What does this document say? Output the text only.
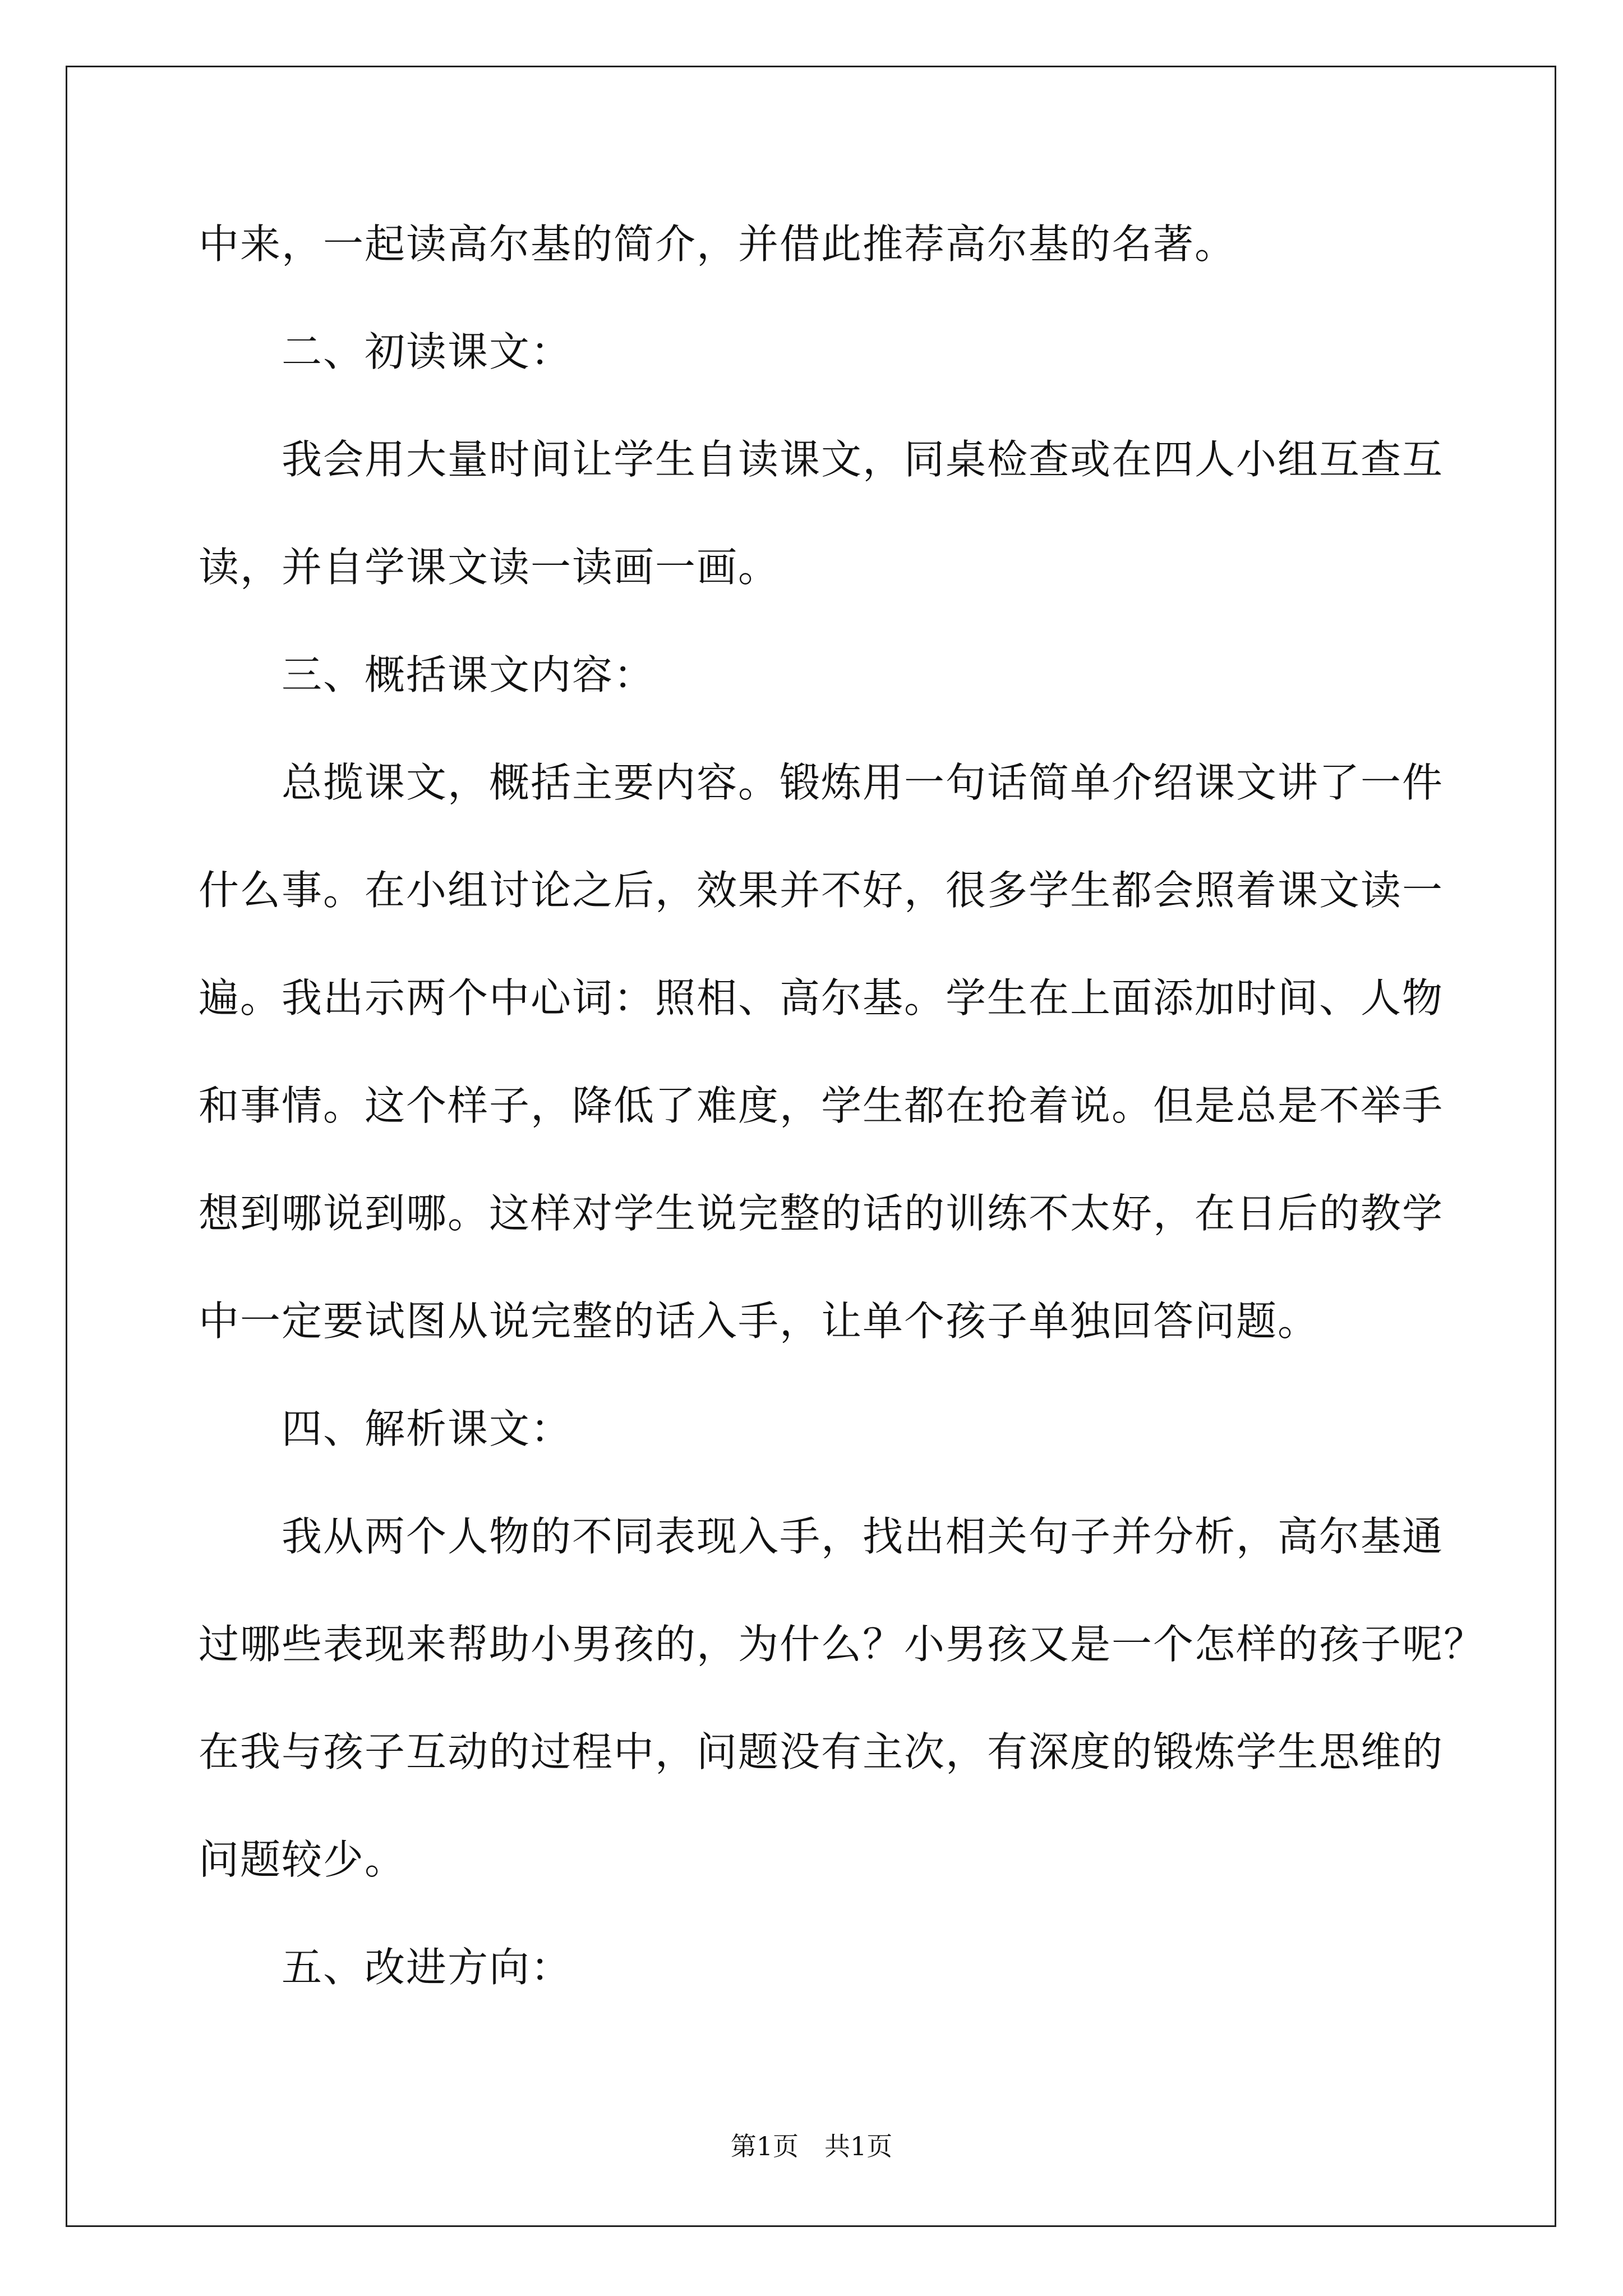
中来，一起读高尔基的简介，并借此推荐高尔基的名著。
二、初读课文：
我会用大量时间让学生自读课文，同桌检查或在四人小组互查互
读，并自学课文读一读画一画。
三、概括课文内容：
总揽课文，概括主要内容。锻炼用一句话简单介绍课文讲了一件
什么事。在小组讨论之后，效果并不好，很多学生都会照着课文读一
遍。我出示两个中心词：照相、高尔基。学生在上面添加时间、人物
和事情。这个样子，降低了难度，学生都在抢着说。但是总是不举手
想到哪说到哪。这样对学生说完整的话的训练不太好，在日后的教学
中一定要试图从说完整的话入手，让单个孩子单独回答问题。
四、解析课文：
我从两个人物的不同表现入手，找出相关句子并分析，高尔基通
过哪些表现来帮助小男孩的，为什么？小男孩又是一个怎样的孩子呢？
在我与孩子互动的过程中，问题没有主次，有深度的锻炼学生思维的
问题较少。
五、改进方向：
第1页　共1页
